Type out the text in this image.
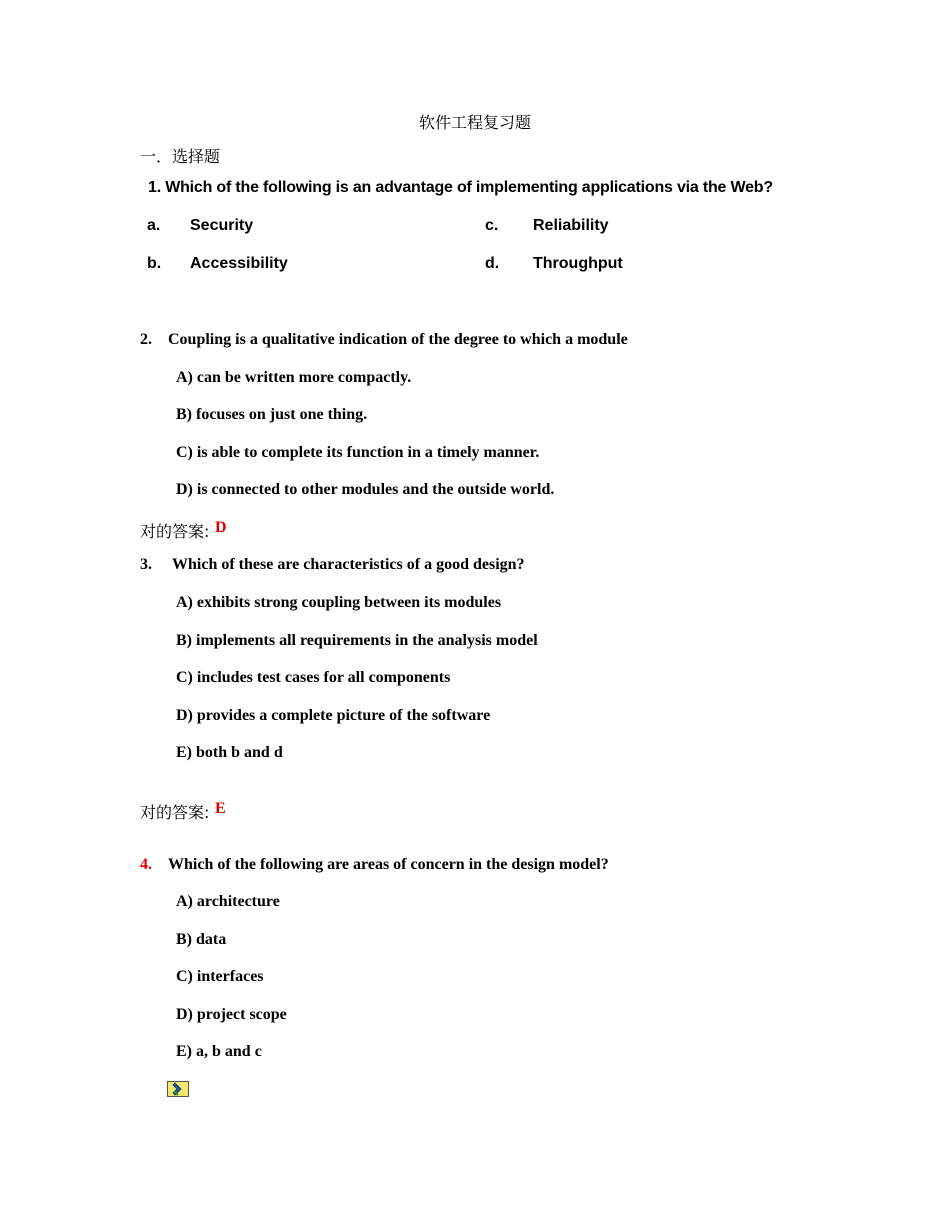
软件工程复习题
一．选择题
1. Which of the following is an advantage of implementing applications via the Web?
a. Security	c. Reliability
b. Accessibility	d. Throughput
2. Coupling is a qualitative indication of the degree to which a module
A) can be written more compactly.
B) focuses on just one thing.
C) is able to complete its function in a timely manner.
D) is connected to other modules and the outside world.
对的答案: D
3. Which of these are characteristics of a good design?
A) exhibits strong coupling between its modules
B) implements all requirements in the analysis model
C) includes test cases for all components
D) provides a complete picture of the software
E) both b and d
对的答案: E
4. Which of the following are areas of concern in the design model?
A) architecture
B) data
C) interfaces
D) project scope
E) a, b and c
